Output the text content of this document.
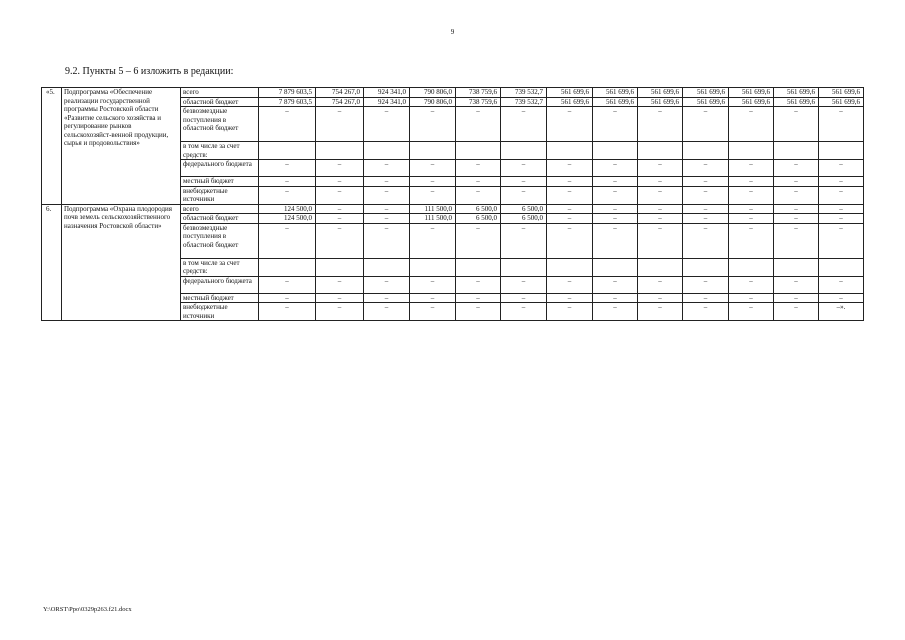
9
9.2. Пункты 5 – 6 изложить в редакции:
«5.	Подпрограмма «Обеспечение реализации государственной программы Ростовской области «Развитие сельского хозяйства и регулирование рынков сельскохозяйст-венной продукции, сырья и продовольствия»	всего	7 879 603,5	754 267,0	924 341,0	790 806,0	738 759,6	739 532,7	561 699,6	561 699,6	561 699,6	561 699,6	561 699,6	561 699,6	561 699,6
		областной бюджет	7 879 603,5	754 267,0	924 341,0	790 806,0	738 759,6	739 532,7	561 699,6	561 699,6	561 699,6	561 699,6	561 699,6	561 699,6	561 699,6
		безвозмездные поступления в областной бюджет	–	–	–	–	–	–	–	–	–	–	–	–	–
		в том числе за счет средств:													
		федерального бюджета	–	–	–	–	–	–	–	–	–	–	–	–	–
		местный бюджет	–	–	–	–	–	–	–	–	–	–	–	–	–
		внебюджетные источники	–	–	–	–	–	–	–	–	–	–	–	–	–
6.	Подпрограмма «Охрана плодородия почв земель сельскохозяйственного назначения Ростовской области»	всего	124 500,0	–	–	111 500,0	6 500,0	6 500,0	–	–	–	–	–	–	–
		областной бюджет	124 500,0	–	–	111 500,0	6 500,0	6 500,0	–	–	–	–	–	–	–
		безвозмездные поступления в областной бюджет	–	–	–	–	–	–	–	–	–	–	–	–	–
		в том числе за счет средств:													
		федерального бюджета	–	–	–	–	–	–	–	–	–	–	–	–	–
		местный бюджет	–	–	–	–	–	–	–	–	–	–	–	–	–
		внебюджетные источники	–	–	–	–	–	–	–	–	–	–	–	–	–».
Y:\ORST\Ppo\0329p263.f21.docx
